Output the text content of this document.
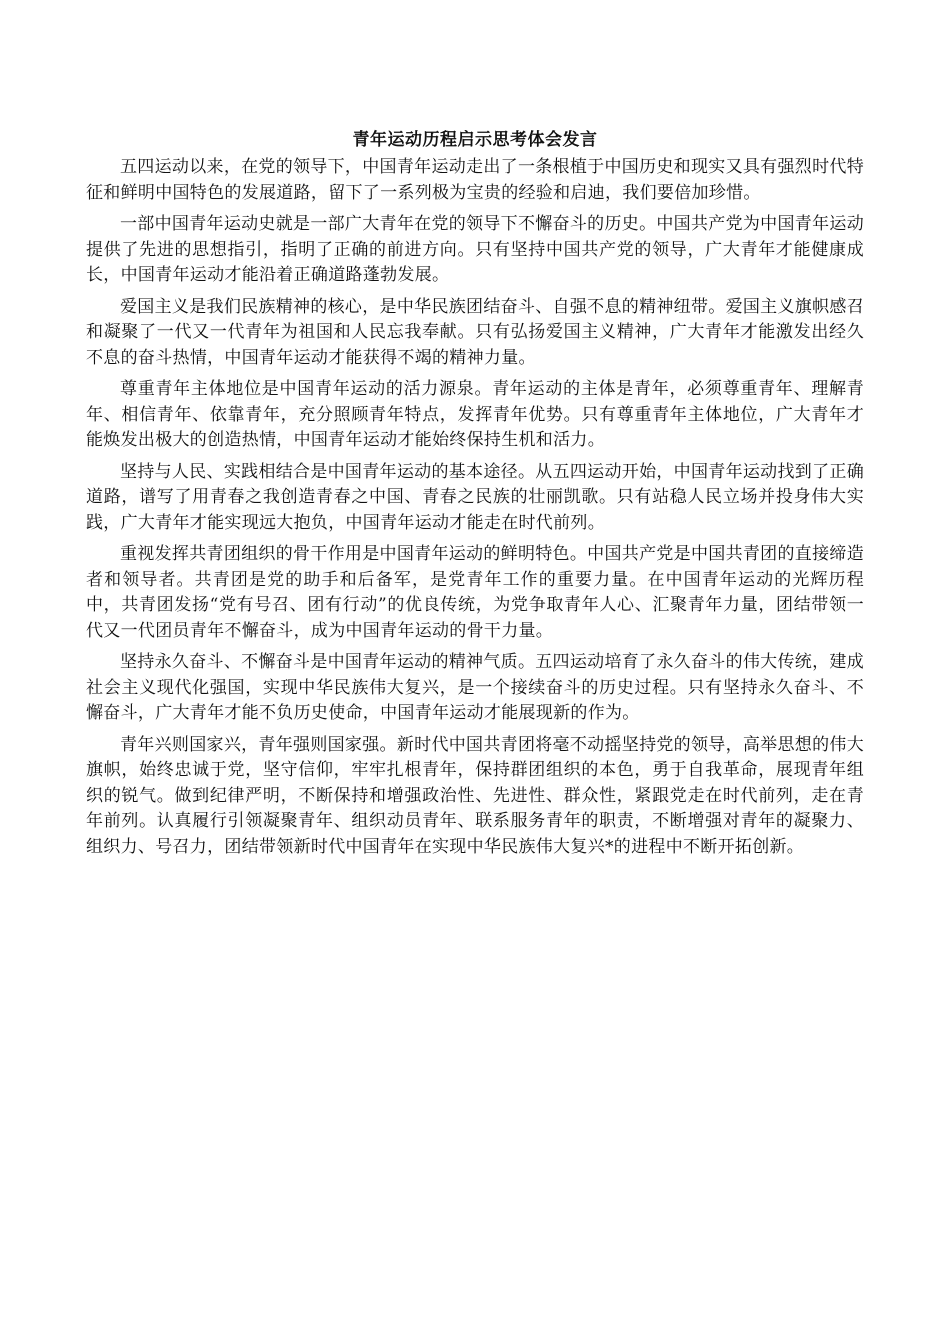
青年运动历程启示思考体会发言

五四运动以来，在党的领导下，中国青年运动走出了一条根植于中国历史和现实又具有强烈时代特征和鲜明中国特色的发展道路，留下了一系列极为宝贵的经验和启迪，我们要倍加珍惜。

一部中国青年运动史就是一部广大青年在党的领导下不懈奋斗的历史。中国共产党为中国青年运动提供了先进的思想指引，指明了正确的前进方向。只有坚持中国共产党的领导，广大青年才能健康成长，中国青年运动才能沿着正确道路蓬勃发展。

爱国主义是我们民族精神的核心，是中华民族团结奋斗、自强不息的精神纽带。爱国主义旗帜感召和凝聚了一代又一代青年为祖国和人民忘我奉献。只有弘扬爱国主义精神，广大青年才能激发出经久不息的奋斗热情，中国青年运动才能获得不竭的精神力量。

尊重青年主体地位是中国青年运动的活力源泉。青年运动的主体是青年，必须尊重青年、理解青年、相信青年、依靠青年，充分照顾青年特点，发挥青年优势。只有尊重青年主体地位，广大青年才能焕发出极大的创造热情，中国青年运动才能始终保持生机和活力。

坚持与人民、实践相结合是中国青年运动的基本途径。从五四运动开始，中国青年运动找到了正确道路，谱写了用青春之我创造青春之中国、青春之民族的壮丽凯歌。只有站稳人民立场并投身伟大实践，广大青年才能实现远大抱负，中国青年运动才能走在时代前列。

重视发挥共青团组织的骨干作用是中国青年运动的鲜明特色。中国共产党是中国共青团的直接缔造者和领导者。共青团是党的助手和后备军，是党青年工作的重要力量。在中国青年运动的光辉历程中，共青团发扬“党有号召、团有行动”的优良传统，为党争取青年人心、汇聚青年力量，团结带领一代又一代团员青年不懈奋斗，成为中国青年运动的骨干力量。

坚持永久奋斗、不懈奋斗是中国青年运动的精神气质。五四运动培育了永久奋斗的伟大传统，建成社会主义现代化强国，实现中华民族伟大复兴，是一个接续奋斗的历史过程。只有坚持永久奋斗、不懈奋斗，广大青年才能不负历史使命，中国青年运动才能展现新的作为。

青年兴则国家兴，青年强则国家强。新时代中国共青团将毫不动摇坚持党的领导，高举思想的伟大旗帜，始终忠诚于党，坚守信仰，牢牢扎根青年，保持群团组织的本色，勇于自我革命，展现青年组织的锐气。做到纪律严明，不断保持和增强政治性、先进性、群众性，紧跟党走在时代前列，走在青年前列。认真履行引领凝聚青年、组织动员青年、联系服务青年的职责，不断增强对青年的凝聚力、组织力、号召力，团结带领新时代中国青年在实现中华民族伟大复兴*的进程中不断开拓创新。
